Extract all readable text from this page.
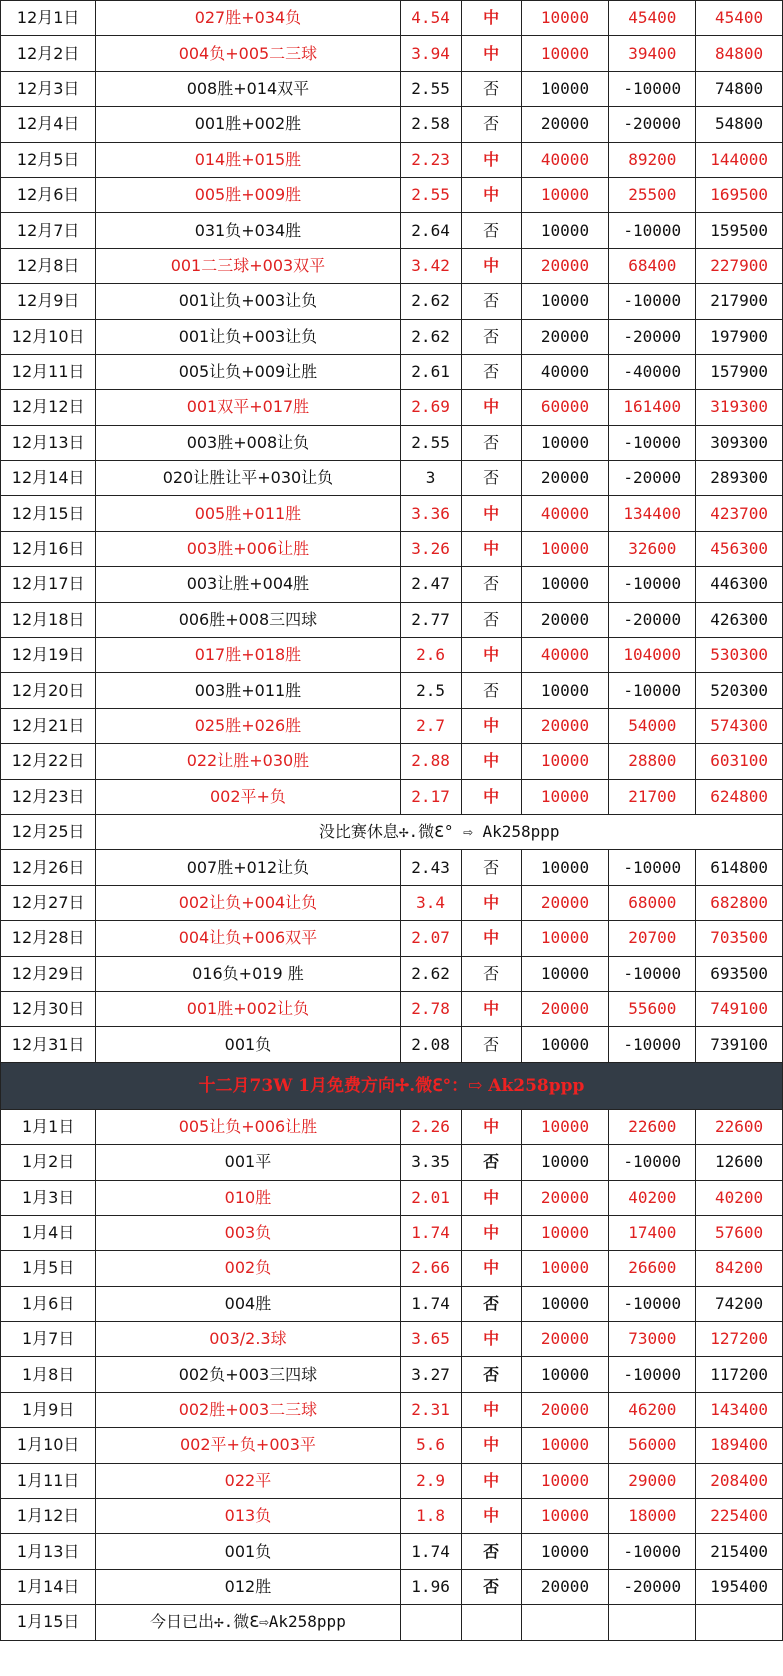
12月1日	027胜+034负	4.54	中	10000	45400	45400
12月2日	004负+005二三球	3.94	中	10000	39400	84800
12月3日	008胜+014双平	2.55	否	10000	-10000	74800
12月4日	001胜+002胜	2.58	否	20000	-20000	54800
12月5日	014胜+015胜	2.23	中	40000	89200	144000
12月6日	005胜+009胜	2.55	中	10000	25500	169500
12月7日	031负+034胜	2.64	否	10000	-10000	159500
12月8日	001二三球+003双平	3.42	中	20000	68400	227900
12月9日	001让负+003让负	2.62	否	10000	-10000	217900
12月10日	001让负+003让负	2.62	否	20000	-20000	197900
12月11日	005让负+009让胜	2.61	否	40000	-40000	157900
12月12日	001双平+017胜	2.69	中	60000	161400	319300
12月13日	003胜+008让负	2.55	否	10000	-10000	309300
12月14日	020让胜让平+030让负	3	否	20000	-20000	289300
12月15日	005胜+011胜	3.36	中	40000	134400	423700
12月16日	003胜+006让胜	3.26	中	10000	32600	456300
12月17日	003让胜+004胜	2.47	否	10000	-10000	446300
12月18日	006胜+008三四球	2.77	否	20000	-20000	426300
12月19日	017胜+018胜	2.6	中	40000	104000	530300
12月20日	003胜+011胜	2.5	否	10000	-10000	520300
12月21日	025胜+026胜	2.7	中	20000	54000	574300
12月22日	022让胜+030胜	2.88	中	10000	28800	603100
12月23日	002平+负	2.17	中	10000	21700	624800
12月25日	没比赛休息✢.微ℇ° ⇨ Ak258ppp					
12月26日	007胜+012让负	2.43	否	10000	-10000	614800
12月27日	002让负+004让负	3.4	中	20000	68000	682800
12月28日	004让负+006双平	2.07	中	10000	20700	703500
12月29日	016负+019 胜	2.62	否	10000	-10000	693500
12月30日	001胜+002让负	2.78	中	20000	55600	749100
12月31日	001负	2.08	否	10000	-10000	739100
十二月73W 1月免费方向✢.微ℇ°：⇨ Ak258ppp						
1月1日	005让负+006让胜	2.26	中	10000	22600	22600
1月2日	001平	3.35	否	10000	-10000	12600
1月3日	010胜	2.01	中	20000	40200	40200
1月4日	003负	1.74	中	10000	17400	57600
1月5日	002负	2.66	中	10000	26600	84200
1月6日	004胜	1.74	否	10000	-10000	74200
1月7日	003/2.3球	3.65	中	20000	73000	127200
1月8日	002负+003三四球	3.27	否	10000	-10000	117200
1月9日	002胜+003二三球	2.31	中	20000	46200	143400
1月10日	002平+负+003平	5.6	中	10000	56000	189400
1月11日	022平	2.9	中	10000	29000	208400
1月12日	013负	1.8	中	10000	18000	225400
1月13日	001负	1.74	否	10000	-10000	215400
1月14日	012胜	1.96	否	20000	-20000	195400
1月15日	今日已出✢.微ℇ⇨Ak258ppp					
